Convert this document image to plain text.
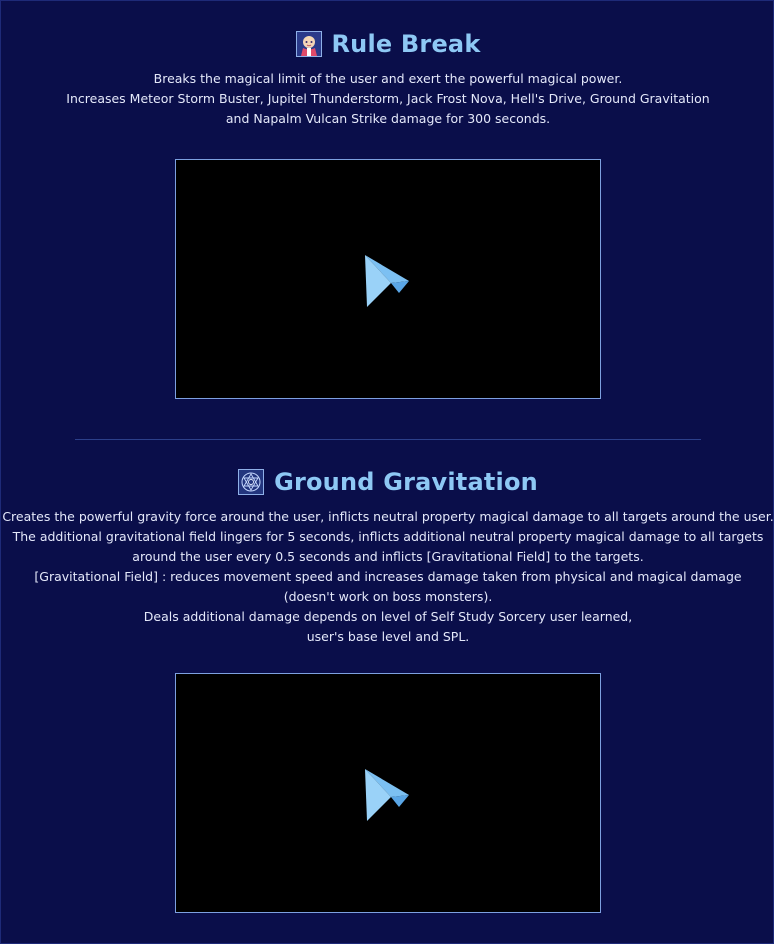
Rule Break

Breaks the magical limit of the user and exert the powerful magical power.

Increases Meteor Storm Buster, Jupitel Thunderstorm, Jack Frost Nova, Hell's Drive, Ground Gravitation

and Napalm Vulcan Strike damage for 300 seconds.

Ground Gravitation

Creates the powerful gravity force around the user, inflicts neutral property magical damage to all targets around the user.

The additional gravitational field lingers for 5 seconds, inflicts additional neutral property magical damage to all targets

around the user every 0.5 seconds and inflicts [Gravitational Field] to the targets.

[Gravitational Field] : reduces movement speed and increases damage taken from physical and magical damage

(doesn't work on boss monsters).

Deals additional damage depends on level of Self Study Sorcery user learned,

user's base level and SPL.
